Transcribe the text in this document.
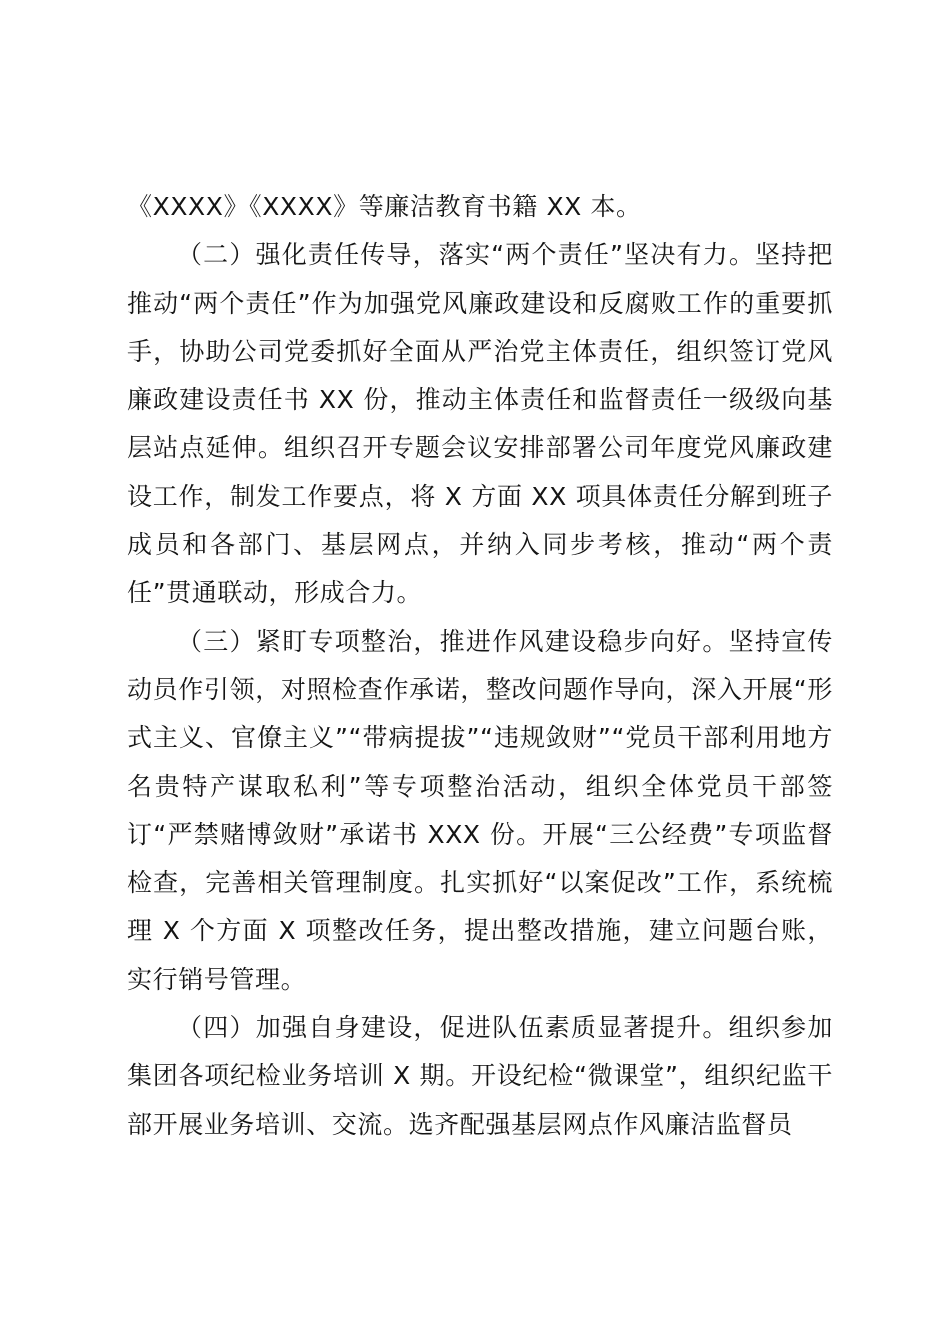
《XXXX》《XXXX》等廉洁教育书籍 XX 本。

（二）强化责任传导，落实“两个责任”坚决有力。坚持把推动“两个责任”作为加强党风廉政建设和反腐败工作的重要抓手，协助公司党委抓好全面从严治党主体责任，组织签订党风廉政建设责任书 XX 份，推动主体责任和监督责任一级级向基层站点延伸。组织召开专题会议安排部署公司年度党风廉政建设工作，制发工作要点，将 X 方面 XX 项具体责任分解到班子成员和各部门、基层网点，并纳入同步考核，推动“两个责任”贯通联动，形成合力。

（三）紧盯专项整治，推进作风建设稳步向好。坚持宣传动员作引领，对照检查作承诺，整改问题作导向，深入开展“形式主义、官僚主义”“带病提拔”“违规敛财”“党员干部利用地方名贵特产谋取私利”等专项整治活动，组织全体党员干部签订“严禁赌博敛财”承诺书 XXX 份。开展“三公经费”专项监督检查，完善相关管理制度。扎实抓好“以案促改”工作，系统梳理 X 个方面 X 项整改任务，提出整改措施，建立问题台账，实行销号管理。

（四）加强自身建设，促进队伍素质显著提升。组织参加集团各项纪检业务培训 X 期。开设纪检“微课堂”，组织纪监干部开展业务培训、交流。选齐配强基层网点作风廉洁监督员
